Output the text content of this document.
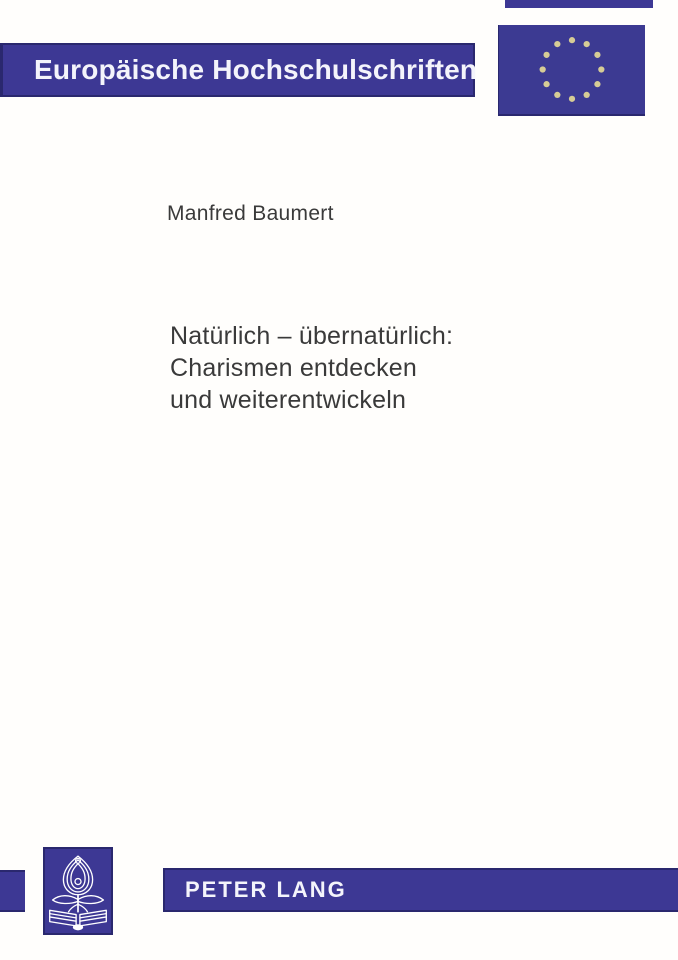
Europäische Hochschulschriften
Manfred Baumert
Natürlich – übernatürlich:
Charismen entdecken
und weiterentwickeln
PETER LANG
